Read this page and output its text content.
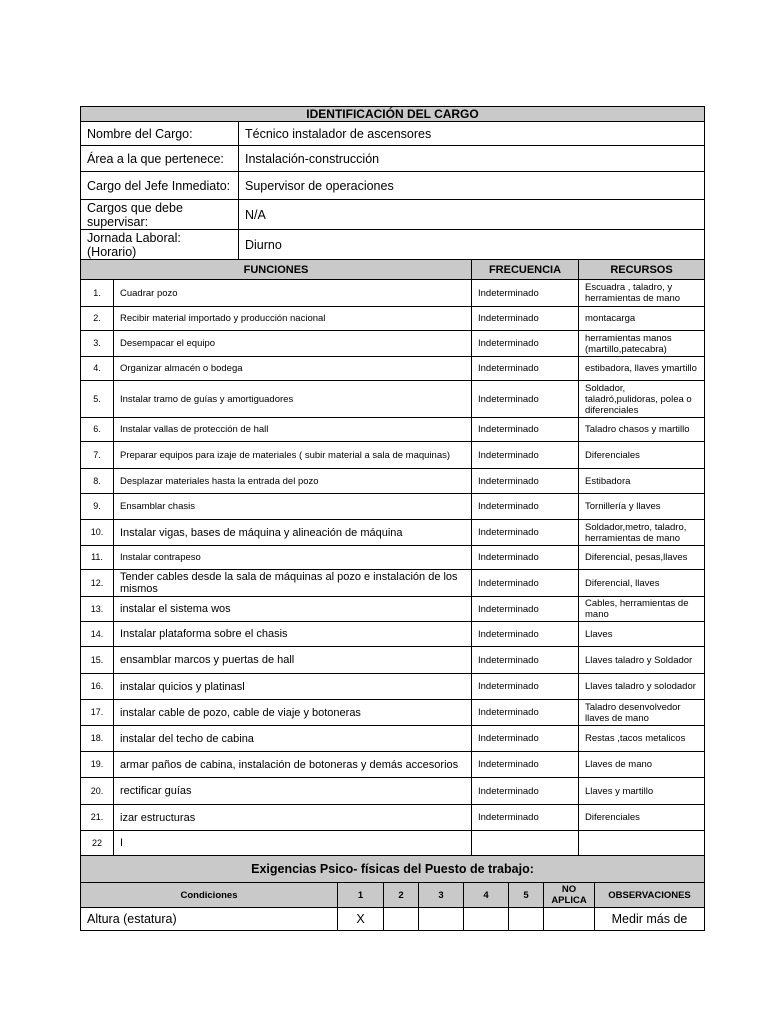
IDENTIFICACIÓN DEL CARGO	
Nombre del Cargo:	Técnico instalador de ascensores
Área a la que pertenece:	Instalación-construcción
Cargo del Jefe Inmediato:	Supervisor de operaciones
Cargos que debe supervisar:	N/A
Jornada Laboral: (Horario)	Diurno
FUNCIONES		FRECUENCIA	RECURSOS
1.	Cuadrar pozo	Indeterminado	Escuadra , taladro, y herramientas de mano
2.	Recibir material importado y producción nacional	Indeterminado	montacarga
3.	Desempacar el equipo	Indeterminado	herramientas manos (martillo,patecabra)
4.	Organizar almacén o bodega	Indeterminado	estibadora, llaves ymartillo
5.	Instalar tramo de guías y amortiguadores	Indeterminado	Soldador, taladró,pulidoras, polea o diferenciales
6.	Instalar vallas de protección de hall	Indeterminado	Taladro chasos y martillo
7.	Preparar equipos para izaje de materiales ( subir material a sala de maquinas)	Indeterminado	Diferenciales
8.	Desplazar materiales hasta la entrada del pozo	Indeterminado	Estibadora
9.	Ensamblar chasis	Indeterminado	Tornillería y llaves
10.	Instalar vigas, bases de máquina y alineación de máquina	Indeterminado	Soldador,metro, taladro, herramientas de mano
11.	Instalar contrapeso	Indeterminado	Diferencial, pesas,llaves
12.	Tender cables desde la sala de máquinas al pozo e instalación de los mismos	Indeterminado	Diferencial, llaves
13.	instalar el sistema wos	Indeterminado	Cables, herramientas de mano
14.	Instalar plataforma sobre el chasis	Indeterminado	Llaves
15.	ensamblar marcos y puertas de hall	Indeterminado	Llaves taladro y Soldador
16.	instalar quicios y platinasl	Indeterminado	Llaves taladro y solodador
17.	instalar cable de pozo, cable de viaje y botoneras	Indeterminado	Taladro desenvolvedor llaves de mano
18.	instalar del techo de cabina	Indeterminado	Restas ,tacos metalicos
19.	armar paños de cabina, instalación de botoneras y demás accesorios	Indeterminado	Llaves de mano
20.	rectificar guías	Indeterminado	Llaves y martillo
21.	izar estructuras	Indeterminado	Diferenciales
22	I		
Exigencias Psico- físicas del Puesto de trabajo:							
Condiciones	1	2	3	4	5	NO APLICA	OBSERVACIONES
Altura (estatura)	X						Medir más de
